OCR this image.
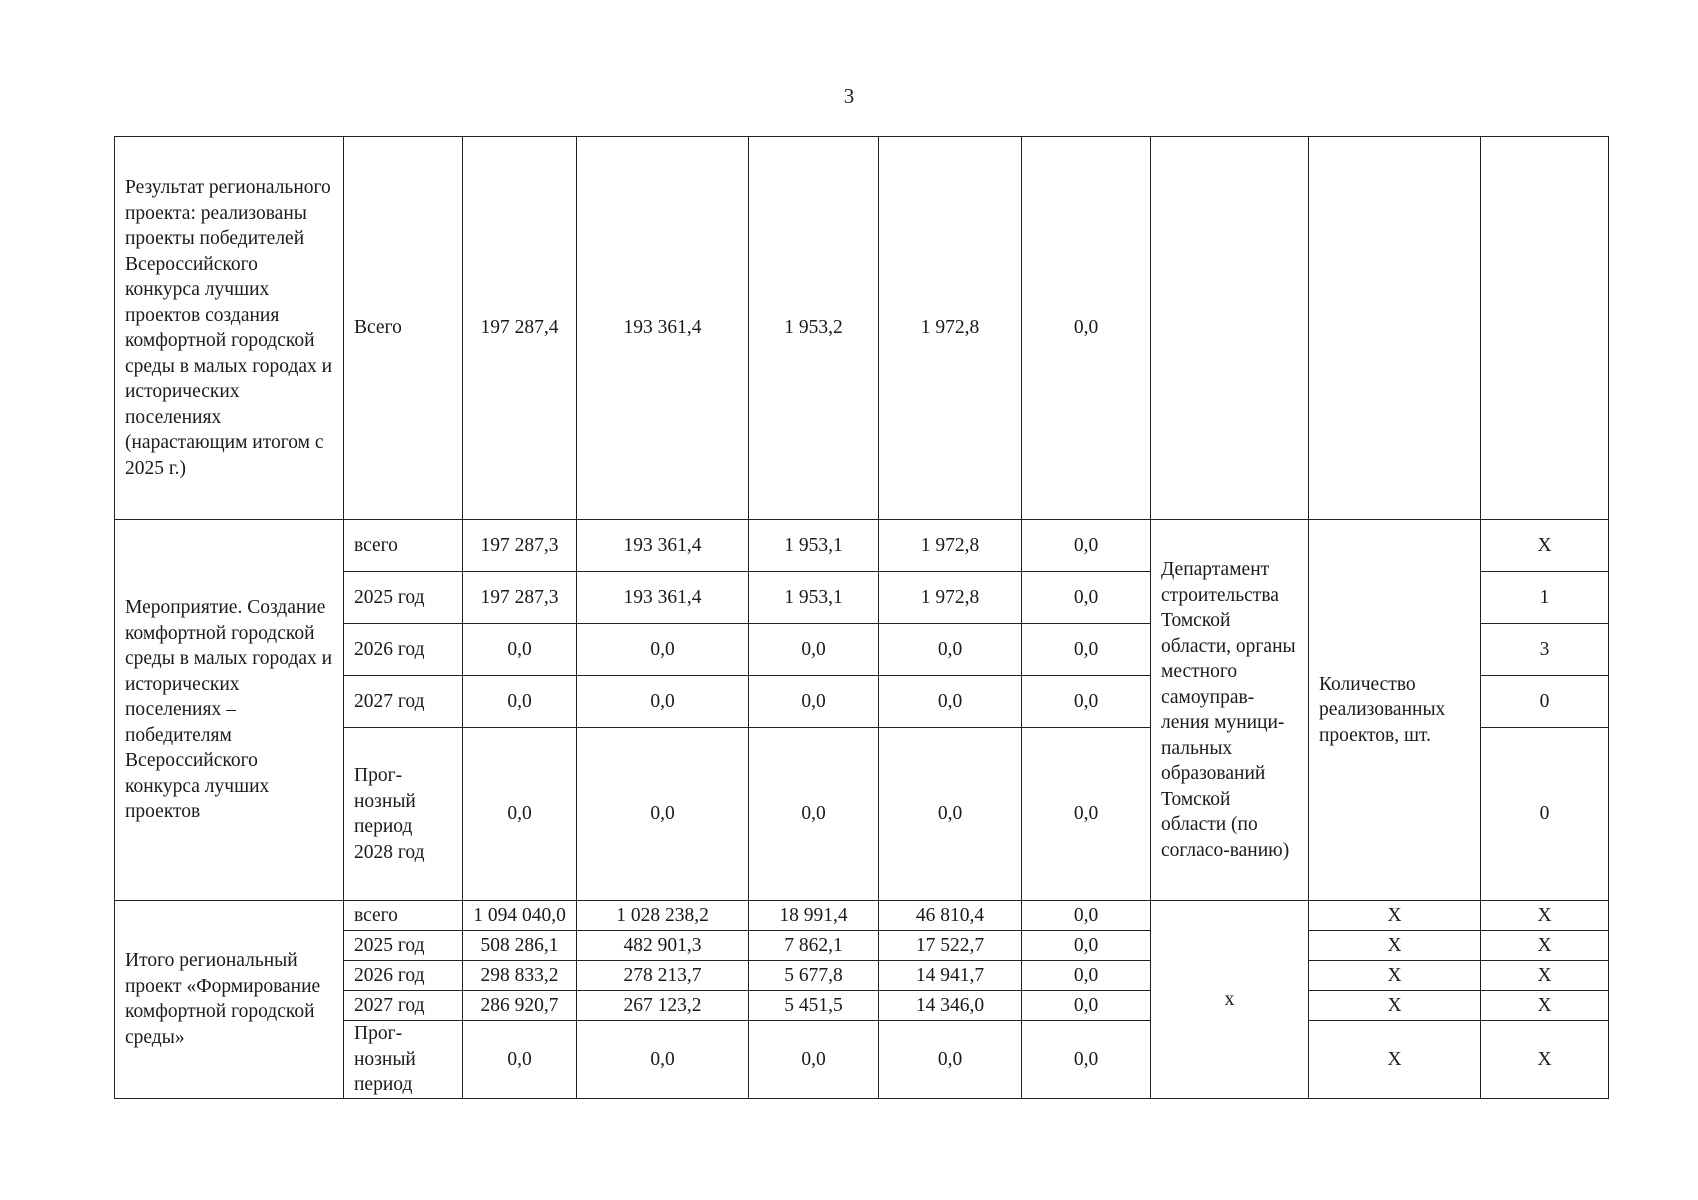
3
Результат регионального проекта: реализованы проекты победителей Всероссийского конкурса лучших проектов создания комфортной городской среды в малых городах и исторических поселениях (нарастающим итогом с 2025 г.)	Всего	197 287,4	193 361,4	1 953,2	1 972,8	0,0			
Мероприятие. Создание комфортной городской среды в малых городах и исторических поселениях – победителям Всероссийского конкурса лучших проектов	всего	197 287,3	193 361,4	1 953,1	1 972,8	0,0	Департамент строительства Томской области, органы местного самоуправ-ления муници-пальных образований Томской области (по согласо-ванию)	Количество реализованных проектов, шт.	Х
	2025 год	197 287,3	193 361,4	1 953,1	1 972,8	0,0			1
	2026 год	0,0	0,0	0,0	0,0	0,0			3
	2027 год	0,0	0,0	0,0	0,0	0,0			0
	Прог-нозный период 2028 год	0,0	0,0	0,0	0,0	0,0			0
Итого региональный проект «Формирование комфортной городской среды»	всего	1 094 040,0	1 028 238,2	18 991,4	46 810,4	0,0	х	Х	Х
	2025 год	508 286,1	482 901,3	7 862,1	17 522,7	0,0		Х	Х
	2026 год	298 833,2	278 213,7	5 677,8	14 941,7	0,0		Х	Х
	2027 год	286 920,7	267 123,2	5 451,5	14 346,0	0,0		Х	Х
	Прог-нозный период	0,0	0,0	0,0	0,0	0,0		Х	Х
